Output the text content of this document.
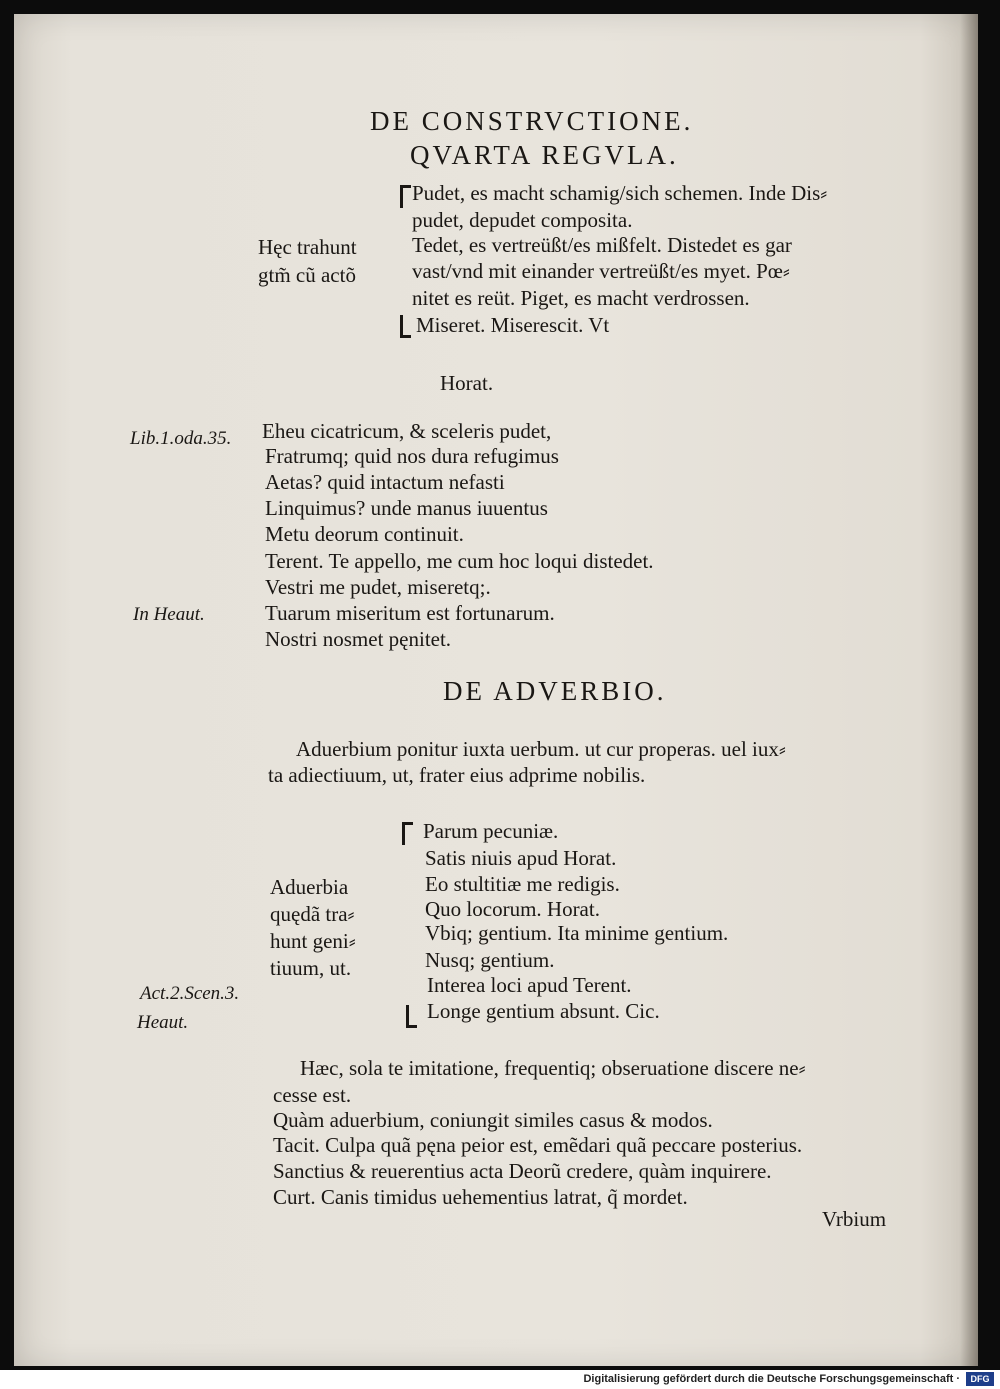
DE CONSTRVCTIONE.
QVARTA REGVLA.
Hęc trahunt
gtm̃ cũ actõ
Pudet, es macht schamig/sich schemen. Inde Dis⸗
pudet, depudet composita.
Tedet, es vertreüßt/es mißfelt. Distedet es gar
vast/vnd mit einander vertreüßt/es myet. Pœ⸗
nitet es reüt. Piget, es macht verdrossen.
Miseret. Miserescit. Vt
Horat.
Lib.1.oda.35.
In Heaut.
Eheu cicatricum, & sceleris pudet,
Fratrumq; quid nos dura refugimus
Aetas? quid intactum nefasti
Linquimus? unde manus iuuentus
Metu deorum continuit.
Terent. Te appello, me cum hoc loqui distedet.
Vestri me pudet, miseretq;.
Tuarum miseritum est fortunarum.
Nostri nosmet pęnitet.
DE ADVERBIO.
Aduerbium ponitur iuxta uerbum. ut cur properas. uel iux⸗
ta adiectiuum, ut, frater eius adprime nobilis.
Aduerbia
quędã tra⸗
hunt geni⸗
tiuum, ut.
Parum pecuniæ.
Satis niuis apud Horat.
Eo stultitiæ me redigis.
Quo locorum. Horat.
Vbiq; gentium. Ita minime gentium.
Nusq; gentium.
Interea loci apud Terent.
Longe gentium absunt. Cic.
Act.2.Scen.3.
Heaut.
Hæc, sola te imitatione, frequentiq; obseruatione discere ne⸗
cesse est.
Quàm aduerbium, coniungit similes casus & modos.
Tacit. Culpa quã pęna peior est, emẽdari quã peccare posterius.
Sanctius & reuerentius acta Deorũ credere, quàm inquirere.
Curt. Canis timidus uehementius latrat, q̃ mordet.
Vrbium
Digitalisierung gefördert durch die Deutsche Forschungsgemeinschaft ·	DFG
